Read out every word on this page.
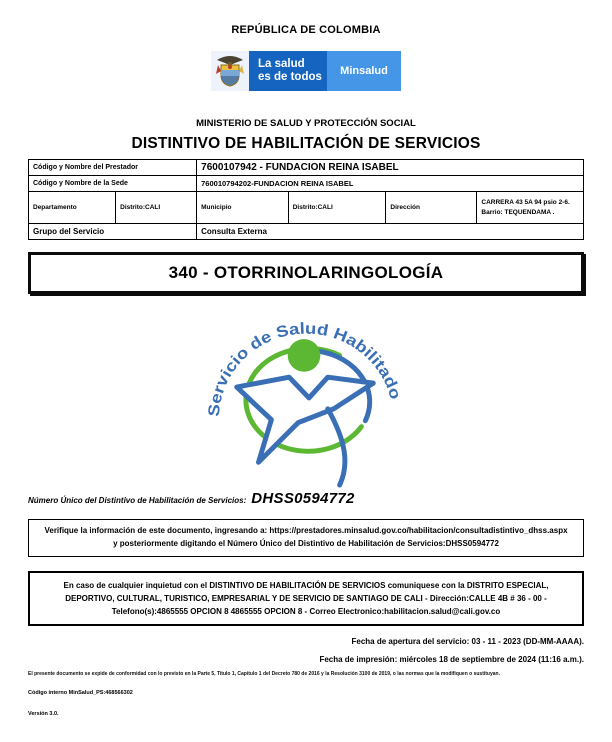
REPÚBLICA DE COLOMBIA
La salud
es de todos	Minsalud
MINISTERIO DE SALUD Y PROTECCIÓN SOCIAL
DISTINTIVO DE HABILITACIÓN DE SERVICIOS
Código y Nombre del Prestador		7600107942 - FUNDACION REINA ISABEL			
Código y Nombre de la Sede		760010794202-FUNDACION REINA ISABEL			
Departamento	Distrito:CALI	Municipio	Distrito:CALI	Dirección	CARRERA 43 5A 94 psio 2-6. Barrio: TEQUENDAMA .
Grupo del Servicio		Consulta Externa			
340 - OTORRINOLARINGOLOGÍA
Servicio de Salud Habilitado
Número Único del Distintivo de Habilitación de Servicios: DHSS0594772
Verifique la información de este documento, ingresando a: https://prestadores.minsalud.gov.co/habilitacion/consultadistintivo_dhss.aspx
y posteriormente digitando el Número Único del Distintivo de Habilitación de Servicios:DHSS0594772
En caso de cualquier inquietud con el DISTINTIVO DE HABILITACIÓN DE SERVICIOS comuniquese con la DISTRITO ESPECIAL, DEPORTIVO, CULTURAL, TURISTICO, EMPRESARIAL Y DE SERVICIO DE SANTIAGO DE CALI - Dirección:CALLE 4B # 36 - 00 - Telefono(s):4865555 OPCION 8 4865555 OPCION 8 - Correo Electronico:habilitacion.salud@cali.gov.co
Fecha de apertura del servicio: 03 - 11 - 2023 (DD-MM-AAAA).
Fecha de impresión: miércoles 18 de septiembre de 2024 (11:16 a.m.).
El presente documento se expide de conformidad con lo previsto en la Parte 5, Titulo 1, Capitulo 1 del Decreto 780 de 2016 y la Resolución 3100 de 2019, o las normas que la modifiquen o sustituyan.
Código interno MinSalud_PS:468566302
Versión 3.0.
